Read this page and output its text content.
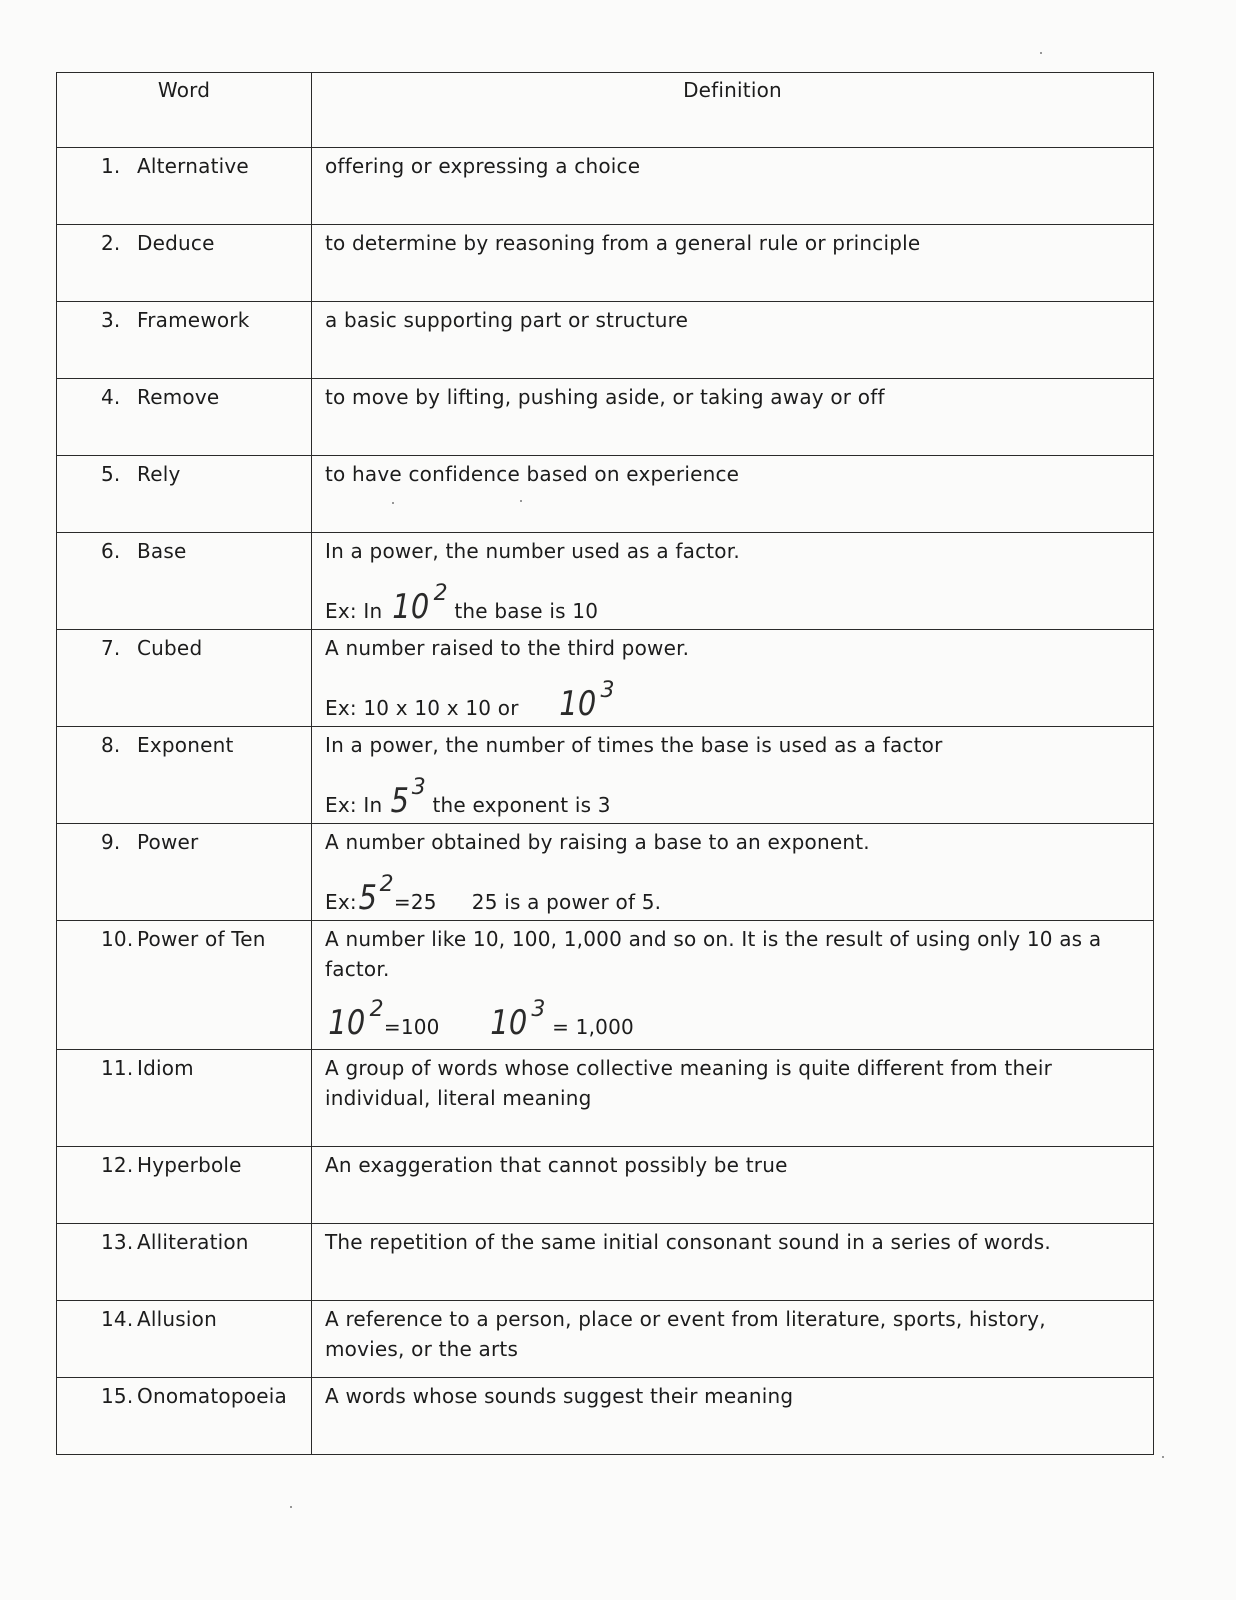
Word	Definition
1. Alternative	offering or expressing a choice

2. Deduce	to determine by reasoning from a general rule or principle

3. Framework	a basic supporting part or structure

4. Remove	to move by lifting, pushing aside, or taking away or off

5. Rely	to have confidence based on experience

6. Base	In a power, the number used as a factor.
Ex: In 10 2 the base is 10

7. Cubed	A number raised to the third power.
Ex: 10 x 10 x 10 or 10 3

8. Exponent	In a power, the number of times the base is used as a factor
Ex: In 5 3 the exponent is 3

9. Power	A number obtained by raising a base to an exponent.
Ex:5 2=25 25 is a power of 5.

10. Power of Ten	A number like 10, 100, 1,000 and so on. It is the result of using only 10 as a factor.
10 2=100 10 3 = 1,000

11. Idiom	A group of words whose collective meaning is quite different from their individual, literal meaning

12. Hyperbole	An exaggeration that cannot possibly be true

13. Alliteration	The repetition of the same initial consonant sound in a series of words.

14. Allusion	A reference to a person, place or event from literature, sports, history, movies, or the arts

15. Onomatopoeia	A words whose sounds suggest their meaning
